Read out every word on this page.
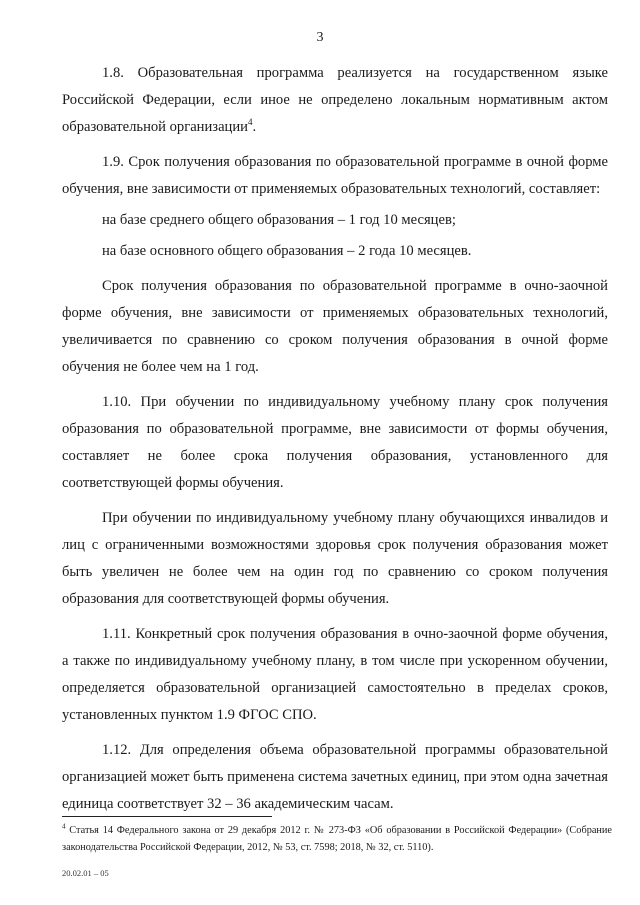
3

1.8. Образовательная программа реализуется на государственном языке Российской Федерации, если иное не определено локальным нормативным актом образовательной организации$^4$.

1.9. Срок получения образования по образовательной программе в очной форме обучения, вне зависимости от применяемых образовательных технологий, составляет:

на базе среднего общего образования – 1 год 10 месяцев;

на базе основного общего образования – 2 года 10 месяцев.

Срок получения образования по образовательной программе в очно-заочной форме обучения, вне зависимости от применяемых образовательных технологий, увеличивается по сравнению со сроком получения образования в очной форме обучения не более чем на 1 год.

1.10. При обучении по индивидуальному учебному плану срок получения образования по образовательной программе, вне зависимости от формы обучения, составляет не более срока получения образования, установленного для соответствующей формы обучения.

При обучении по индивидуальному учебному плану обучающихся инвалидов и лиц с ограниченными возможностями здоровья срок получения образования может быть увеличен не более чем на один год по сравнению со сроком получения образования для соответствующей формы обучения.

1.11. Конкретный срок получения образования в очно-заочной форме обучения, а также по индивидуальному учебному плану, в том числе при ускоренном обучении, определяется образовательной организацией самостоятельно в пределах сроков, установленных пунктом 1.9 ФГОС СПО.

1.12. Для определения объема образовательной программы образовательной организацией может быть применена система зачетных единиц, при этом одна зачетная единица соответствует 32 – 36 академическим часам.

$^4$ Статья 14 Федерального закона от 29 декабря 2012 г. № 273-ФЗ «Об образовании в Российской Федерации» (Собрание законодательства Российской Федерации, 2012, № 53, ст. 7598; 2018, № 32, ст. 5110).
20.02.01 – 05
